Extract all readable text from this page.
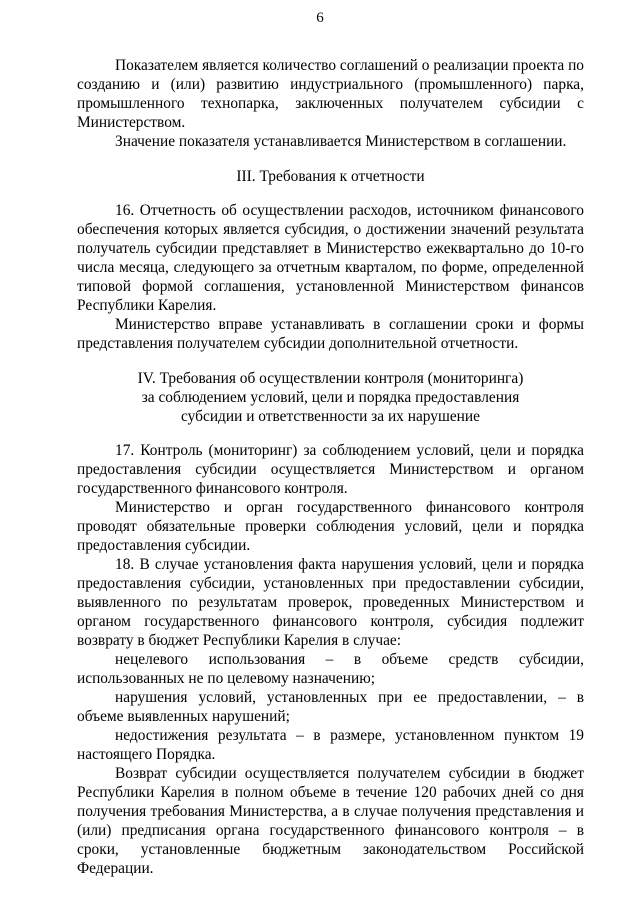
6

Показателем является количество соглашений о реализации проекта по созданию и (или) развитию индустриального (промышленного) парка, промышленного технопарка, заключенных получателем субсидии с Министерством.

Значение показателя устанавливается Министерством в соглашении.

III. Требования к отчетности

16. Отчетность об осуществлении расходов, источником финансового обеспечения которых является субсидия, о достижении значений результата получатель субсидии представляет в Министерство ежеквартально до 10-го числа месяца, следующего за отчетным кварталом, по форме, определенной типовой формой соглашения, установленной Министерством финансов Республики Карелия.

Министерство вправе устанавливать в соглашении сроки и формы представления получателем субсидии дополнительной отчетности.

IV. Требования об осуществлении контроля (мониторинга)

за соблюдением условий, цели и порядка предоставления

субсидии и ответственности за их нарушение

17. Контроль (мониторинг) за соблюдением условий, цели и порядка предоставления субсидии осуществляется Министерством и органом государственного финансового контроля.

Министерство и орган государственного финансового контроля проводят обязательные проверки соблюдения условий, цели и порядка предоставления субсидии.

18. В случае установления факта нарушения условий, цели и порядка предоставления субсидии, установленных при предоставлении субсидии, выявленного по результатам проверок, проведенных Министерством и органом государственного финансового контроля, субсидия подлежит возврату в бюджет Республики Карелия в случае:

нецелевого использования – в объеме средств субсидии, использованных не по целевому назначению;

нарушения условий, установленных при ее предоставлении, – в объеме выявленных нарушений;

недостижения результата – в размере, установленном пунктом 19 настоящего Порядка.

Возврат субсидии осуществляется получателем субсидии в бюджет Республики Карелия в полном объеме в течение 120 рабочих дней со дня получения требования Министерства, а в случае получения представления и (или) предписания органа государственного финансового контроля – в сроки, установленные бюджетным законодательством Российской Федерации.
